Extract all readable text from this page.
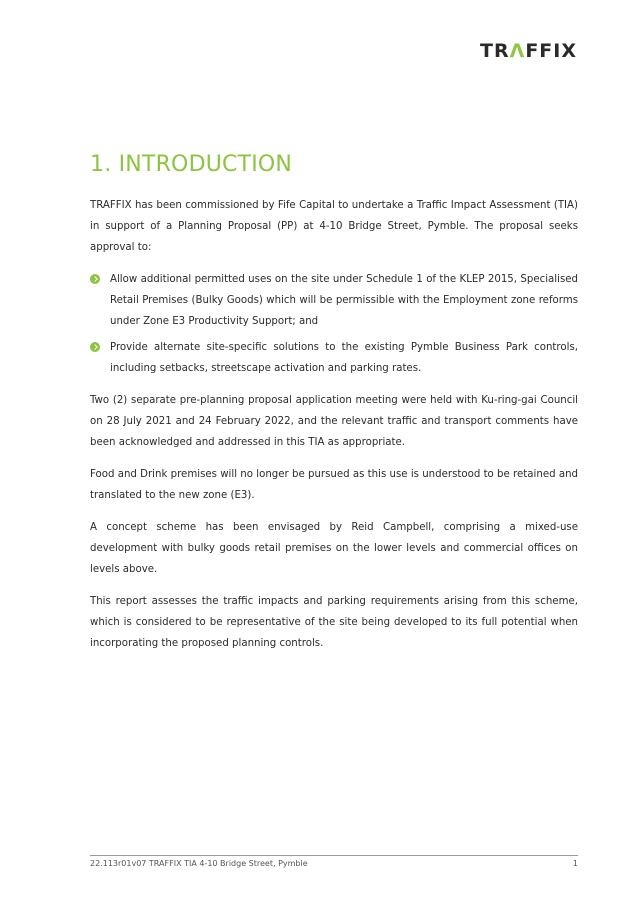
TRΛFFIX
1. INTRODUCTION

TRAFFIX has been commissioned by Fife Capital to undertake a Traffic Impact Assessment (TIA) in support of a Planning Proposal (PP) at 4-10 Bridge Street, Pymble. The proposal seeks approval to:

Allow additional permitted uses on the site under Schedule 1 of the KLEP 2015, Specialised Retail Premises (Bulky Goods) which will be permissible with the Employment zone reforms under Zone E3 Productivity Support; and
Provide alternate site-specific solutions to the existing Pymble Business Park controls, including setbacks, streetscape activation and parking rates.

Two (2) separate pre-planning proposal application meeting were held with Ku-ring-gai Council on 28 July 2021 and 24 February 2022, and the relevant traffic and transport comments have been acknowledged and addressed in this TIA as appropriate.

Food and Drink premises will no longer be pursued as this use is understood to be retained and translated to the new zone (E3).

A concept scheme has been envisaged by Reid Campbell, comprising a mixed-use development with bulky goods retail premises on the lower levels and commercial offices on levels above.

This report assesses the traffic impacts and parking requirements arising from this scheme, which is considered to be representative of the site being developed to its full potential when incorporating the proposed planning controls.

22.113r01v07 TRAFFIX TIA 4-10 Bridge Street, Pymble	1
